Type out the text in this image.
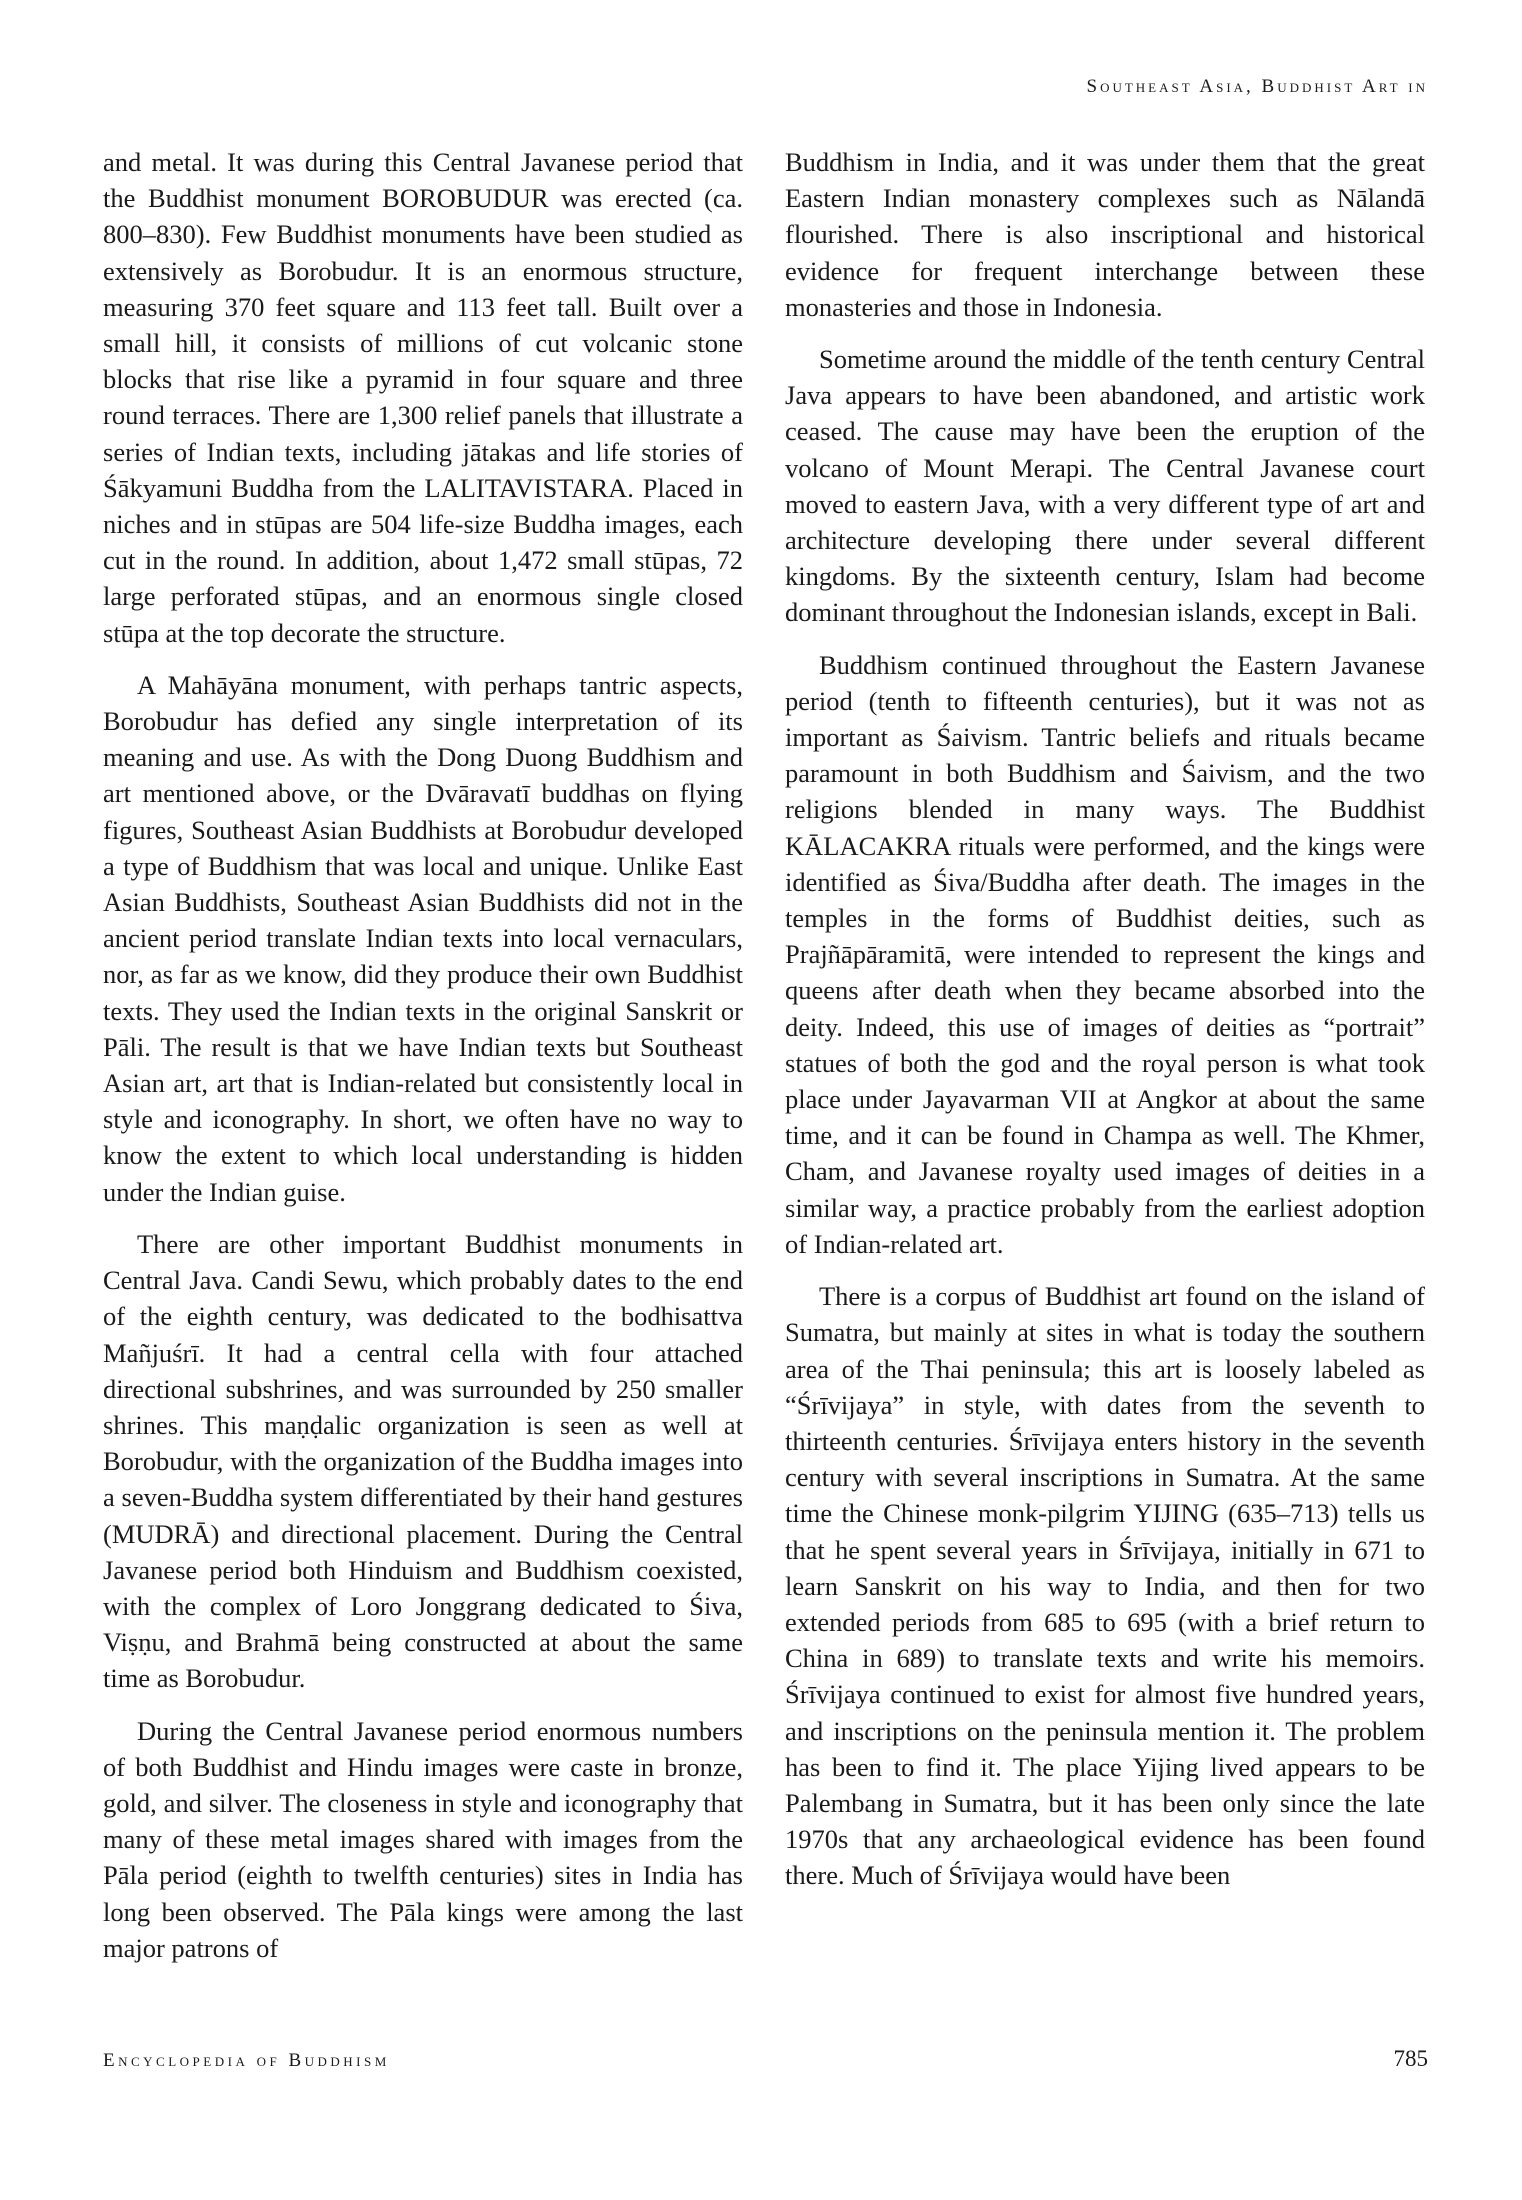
Southeast Asia, Buddhist Art in

and metal. It was during this Central Javanese period that the Buddhist monument BOROBUDUR was erected (ca. 800–830). Few Buddhist monuments have been studied as extensively as Borobudur. It is an enormous structure, measuring 370 feet square and 113 feet tall. Built over a small hill, it consists of millions of cut volcanic stone blocks that rise like a pyramid in four square and three round terraces. There are 1,300 relief panels that illustrate a series of Indian texts, including jātakas and life stories of Śākyamuni Buddha from the LALITAVISTARA. Placed in niches and in stūpas are 504 life-size Buddha images, each cut in the round. In addition, about 1,472 small stūpas, 72 large perforated stūpas, and an enormous single closed stūpa at the top decorate the structure.

A Mahāyāna monument, with perhaps tantric aspects, Borobudur has defied any single interpretation of its meaning and use. As with the Dong Duong Buddhism and art mentioned above, or the Dvāravatī buddhas on flying figures, Southeast Asian Buddhists at Borobudur developed a type of Buddhism that was local and unique. Unlike East Asian Buddhists, Southeast Asian Buddhists did not in the ancient period translate Indian texts into local vernaculars, nor, as far as we know, did they produce their own Buddhist texts. They used the Indian texts in the original Sanskrit or Pāli. The result is that we have Indian texts but Southeast Asian art, art that is Indian-related but consistently local in style and iconography. In short, we often have no way to know the extent to which local understanding is hidden under the Indian guise.

There are other important Buddhist monuments in Central Java. Candi Sewu, which probably dates to the end of the eighth century, was dedicated to the bodhisattva Mañjuśrī. It had a central cella with four attached directional subshrines, and was surrounded by 250 smaller shrines. This maṇḍalic organization is seen as well at Borobudur, with the organization of the Buddha images into a seven-Buddha system differentiated by their hand gestures (MUDRĀ) and directional placement. During the Central Javanese period both Hinduism and Buddhism coexisted, with the complex of Loro Jonggrang dedicated to Śiva, Viṣṇu, and Brahmā being constructed at about the same time as Borobudur.

During the Central Javanese period enormous numbers of both Buddhist and Hindu images were caste in bronze, gold, and silver. The closeness in style and iconography that many of these metal images shared with images from the Pāla period (eighth to twelfth centuries) sites in India has long been observed. The Pāla kings were among the last major patrons of

Buddhism in India, and it was under them that the great Eastern Indian monastery complexes such as Nālandā flourished. There is also inscriptional and historical evidence for frequent interchange between these monasteries and those in Indonesia.

Sometime around the middle of the tenth century Central Java appears to have been abandoned, and artistic work ceased. The cause may have been the eruption of the volcano of Mount Merapi. The Central Javanese court moved to eastern Java, with a very different type of art and architecture developing there under several different kingdoms. By the sixteenth century, Islam had become dominant throughout the Indonesian islands, except in Bali.

Buddhism continued throughout the Eastern Javanese period (tenth to fifteenth centuries), but it was not as important as Śaivism. Tantric beliefs and rituals became paramount in both Buddhism and Śaivism, and the two religions blended in many ways. The Buddhist KĀLACAKRA rituals were performed, and the kings were identified as Śiva/Buddha after death. The images in the temples in the forms of Buddhist deities, such as Prajñāpāramitā, were intended to represent the kings and queens after death when they became absorbed into the deity. Indeed, this use of images of deities as “portrait” statues of both the god and the royal person is what took place under Jayavarman VII at Angkor at about the same time, and it can be found in Champa as well. The Khmer, Cham, and Javanese royalty used images of deities in a similar way, a practice probably from the earliest adoption of Indian-related art.

There is a corpus of Buddhist art found on the island of Sumatra, but mainly at sites in what is today the southern area of the Thai peninsula; this art is loosely labeled as “Śrīvijaya” in style, with dates from the seventh to thirteenth centuries. Śrīvijaya enters history in the seventh century with several inscriptions in Sumatra. At the same time the Chinese monk-pilgrim YIJING (635–713) tells us that he spent several years in Śrīvijaya, initially in 671 to learn Sanskrit on his way to India, and then for two extended periods from 685 to 695 (with a brief return to China in 689) to translate texts and write his memoirs. Śrīvijaya continued to exist for almost five hundred years, and inscriptions on the peninsula mention it. The problem has been to find it. The place Yijing lived appears to be Palembang in Sumatra, but it has been only since the late 1970s that any archaeological evidence has been found there. Much of Śrīvijaya would have been

Encyclopedia of Buddhism	785
